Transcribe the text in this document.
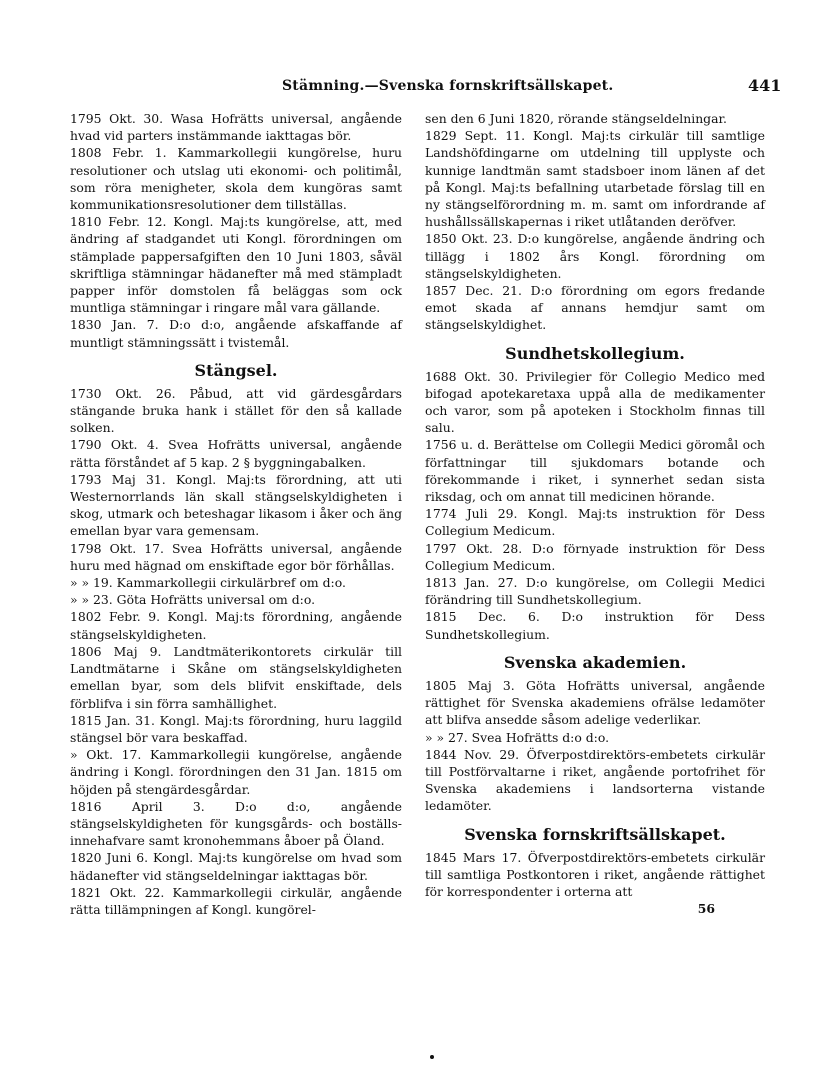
Stämning.—Svenska fornskriftsällskapet.	441
1795 Okt. 30. Wasa Hofrätts universal, angående hvad vid parters instämmande iakttagas bör.
1808 Febr. 1. Kammarkollegii kungörelse, huru resolutioner och utslag uti ekonomi- och politimål, som röra menigheter, skola dem kungöras samt kommunikationsresolutioner dem tillställas.
1810 Febr. 12. Kongl. Maj:ts kungörelse, att, med ändring af stadgandet uti Kongl. förordningen om stämplade pappersafgiften den 10 Juni 1803, såväl skriftliga stämningar hädanefter må med stämpladt papper inför domstolen få beläggas som ock muntliga stämningar i ringare mål vara gällande.
1830 Jan. 7. D:o d:o, angående afskaffande af muntligt stämningssätt i tvistemål.
Stängsel.
1730 Okt. 26. Påbud, att vid gärdesgårdars stängande bruka hank i stället för den så kallade solken.
1790 Okt. 4. Svea Hofrätts universal, angående rätta förståndet af 5 kap. 2 § byggningabalken.
1793 Maj 31. Kongl. Maj:ts förordning, att uti Westernorrlands län skall stängselskyldigheten i skog, utmark och beteshagar likasom i åker och äng emellan byar vara gemensam.
1798 Okt. 17. Svea Hofrätts universal, angående huru med hägnad om enskiftade egor bör förhållas.
» » 19. Kammarkollegii cirkulärbref om d:o.
» » 23. Göta Hofrätts universal om d:o.
1802 Febr. 9. Kongl. Maj:ts förordning, angående stängselskyldigheten.
1806 Maj 9. Landtmäterikontorets cirkulär till Landtmätarne i Skåne om stängselskyldigheten emellan byar, som dels blifvit enskiftade, dels förblifva i sin förra samhällighet.
1815 Jan. 31. Kongl. Maj:ts förordning, huru laggild stängsel bör vara beskaffad.
» Okt. 17. Kammarkollegii kungörelse, angående ändring i Kongl. förordningen den 31 Jan. 1815 om höjden på stengärdesgårdar.
1816 April 3. D:o d:o, angående stängselskyldigheten för kungsgårds- och boställs-innehafvare samt kronohemmans åboer på Öland.
1820 Juni 6. Kongl. Maj:ts kungörelse om hvad som hädanefter vid stängseldelningar iakttagas bör.
1821 Okt. 22. Kammarkollegii cirkulär, angående rätta tillämpningen af Kongl. kungörel-
sen den 6 Juni 1820, rörande stängseldelningar.
1829 Sept. 11. Kongl. Maj:ts cirkulär till samtlige Landshöfdingarne om utdelning till upplyste och kunnige landtmän samt stadsboer inom länen af det på Kongl. Maj:ts befallning utarbetade förslag till en ny stängselförordning m. m. samt om infordrande af hushållssällskapernas i riket utlåtanden deröfver.
1850 Okt. 23. D:o kungörelse, angående ändring och tillägg i 1802 års Kongl. förordning om stängselskyldigheten.
1857 Dec. 21. D:o förordning om egors fredande emot skada af annans hemdjur samt om stängselskyldighet.
Sundhetskollegium.
1688 Okt. 30. Privilegier för Collegio Medico med bifogad apotekaretaxa uppå alla de medikamenter och varor, som på apoteken i Stockholm finnas till salu.
1756 u. d. Berättelse om Collegii Medici göromål och författningar till sjukdomars botande och förekommande i riket, i synnerhet sedan sista riksdag, och om annat till medicinen hörande.
1774 Juli 29. Kongl. Maj:ts instruktion för Dess Collegium Medicum.
1797 Okt. 28. D:o förnyade instruktion för Dess Collegium Medicum.
1813 Jan. 27. D:o kungörelse, om Collegii Medici förändring till Sundhetskollegium.
1815 Dec. 6. D:o instruktion för Dess Sundhetskollegium.
Svenska akademien.
1805 Maj 3. Göta Hofrätts universal, angående rättighet för Svenska akademiens ofrälse ledamöter att blifva ansedde såsom adelige vederlikar.
» » 27. Svea Hofrätts d:o d:o.
1844 Nov. 29. Öfverpostdirektörs-embetets cirkulär till Postförvaltarne i riket, angående portofrihet för Svenska akademiens i landsorterna vistande ledamöter.
Svenska fornskriftsällskapet.
1845 Mars 17. Öfverpostdirektörs-embetets cirkulär till samtliga Postkontoren i riket, angående rättighet för korrespondenter i orterna att
56
